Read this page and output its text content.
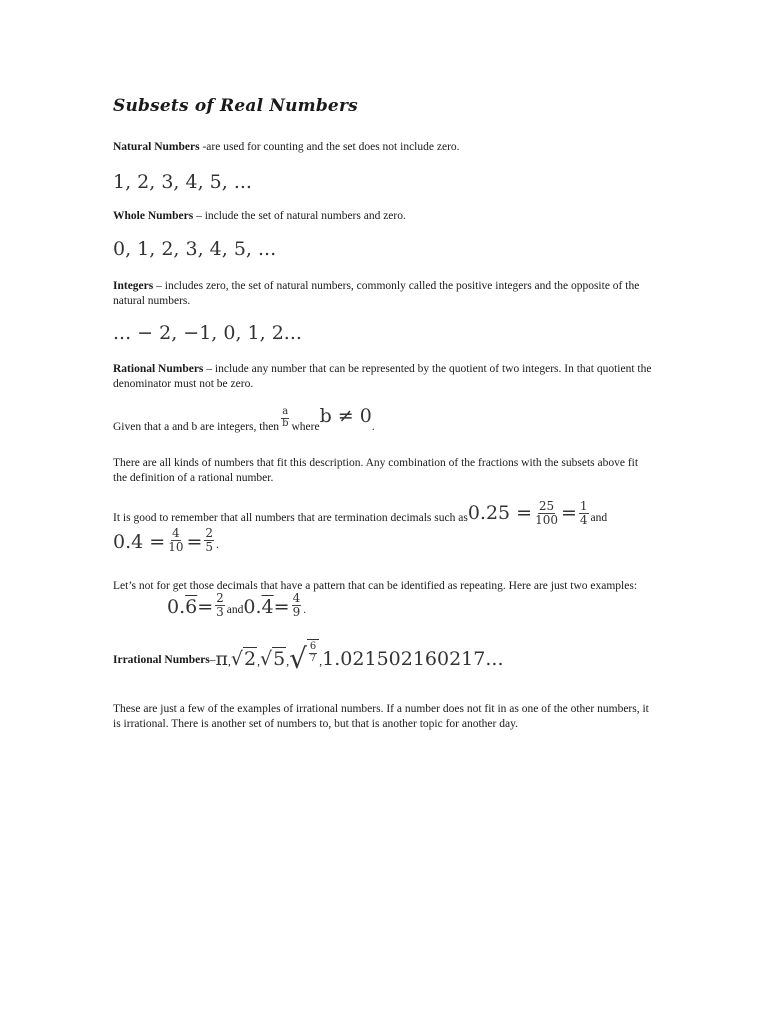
Subsets of Real Numbers

Natural Numbers -are used for counting and the set does not include zero.

1, 2, 3, 4, 5, ...

Whole Numbers – include the set of natural numbers and zero.

0, 1, 2, 3, 4, 5, ...

Integers – includes zero, the set of natural numbers, commonly called the positive integers and the opposite of the natural numbers.

... − 2, −1, 0, 1, 2...

Rational Numbers – include any number that can be represented by the quotient of two integers. In that quotient the denominator must not be zero.

Given that a and b are integers, then $\frac{a}{b}$ where b ≠ 0 .

There are all kinds of numbers that fit this description. Any combination of the fractions with the subsets above fit the definition of a rational number.

It is good to remember that all numbers that are termination decimals such as $0.25 = \frac{25}{100} = \frac{1}{4}$ and

$0.4 = \frac{4}{10} = \frac{2}{5}$ .

Let’s not for get those decimals that have a pattern that can be identified as repeating. Here are just two examples:

0. $6 = \frac{2}{3}$ and 0. $4 = \frac{4}{9}$ .

Irrational Numbers – π , √2 , √5 , √ $\frac{6}{7}$ , 1.021502160217...

These are just a few of the examples of irrational numbers. If a number does not fit in as one of the other numbers, it is irrational. There is another set of numbers to, but that is another topic for another day.
